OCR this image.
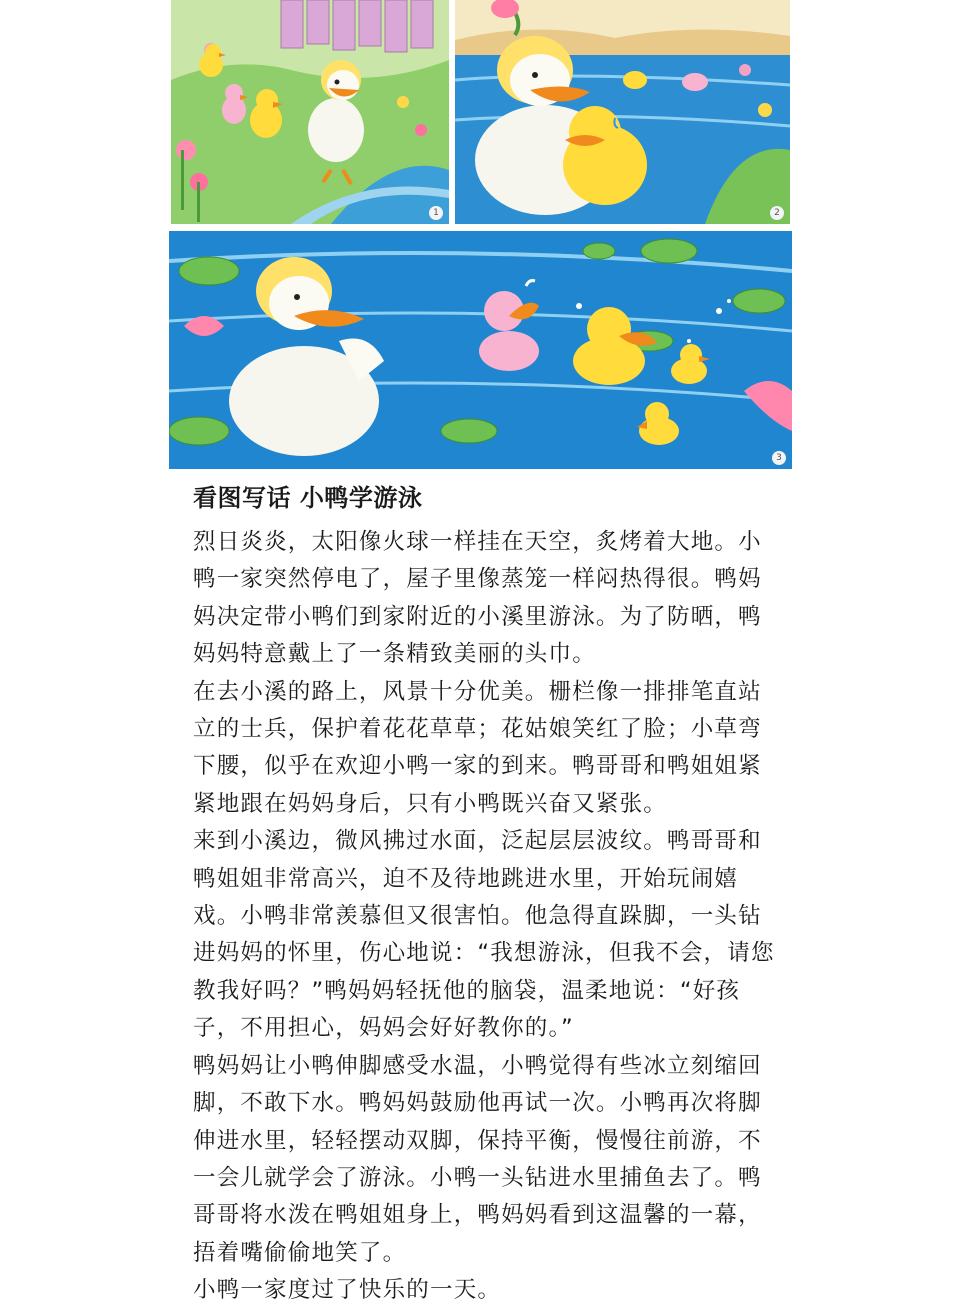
1	2
3
看图写话 小鸭学游泳

烈日炎炎，太阳像火球一样挂在天空，炙烤着大地。小鸭一家突然停电了，屋子里像蒸笼一样闷热得很。鸭妈妈决定带小鸭们到家附近的小溪里游泳。为了防晒，鸭妈妈特意戴上了一条精致美丽的头巾。

在去小溪的路上，风景十分优美。栅栏像一排排笔直站立的士兵，保护着花花草草；花姑娘笑红了脸；小草弯下腰，似乎在欢迎小鸭一家的到来。鸭哥哥和鸭姐姐紧紧地跟在妈妈身后，只有小鸭既兴奋又紧张。

来到小溪边，微风拂过水面，泛起层层波纹。鸭哥哥和鸭姐姐非常高兴，迫不及待地跳进水里，开始玩闹嬉戏。小鸭非常羡慕但又很害怕。他急得直跺脚，一头钻进妈妈的怀里，伤心地说：“我想游泳，但我不会，请您教我好吗？”鸭妈妈轻抚他的脑袋，温柔地说：“好孩子，不用担心，妈妈会好好教你的。”

鸭妈妈让小鸭伸脚感受水温，小鸭觉得有些冰立刻缩回脚，不敢下水。鸭妈妈鼓励他再试一次。小鸭再次将脚伸进水里，轻轻摆动双脚，保持平衡，慢慢往前游，不一会儿就学会了游泳。小鸭一头钻进水里捕鱼去了。鸭哥哥将水泼在鸭姐姐身上，鸭妈妈看到这温馨的一幕，捂着嘴偷偷地笑了。

小鸭一家度过了快乐的一天。
